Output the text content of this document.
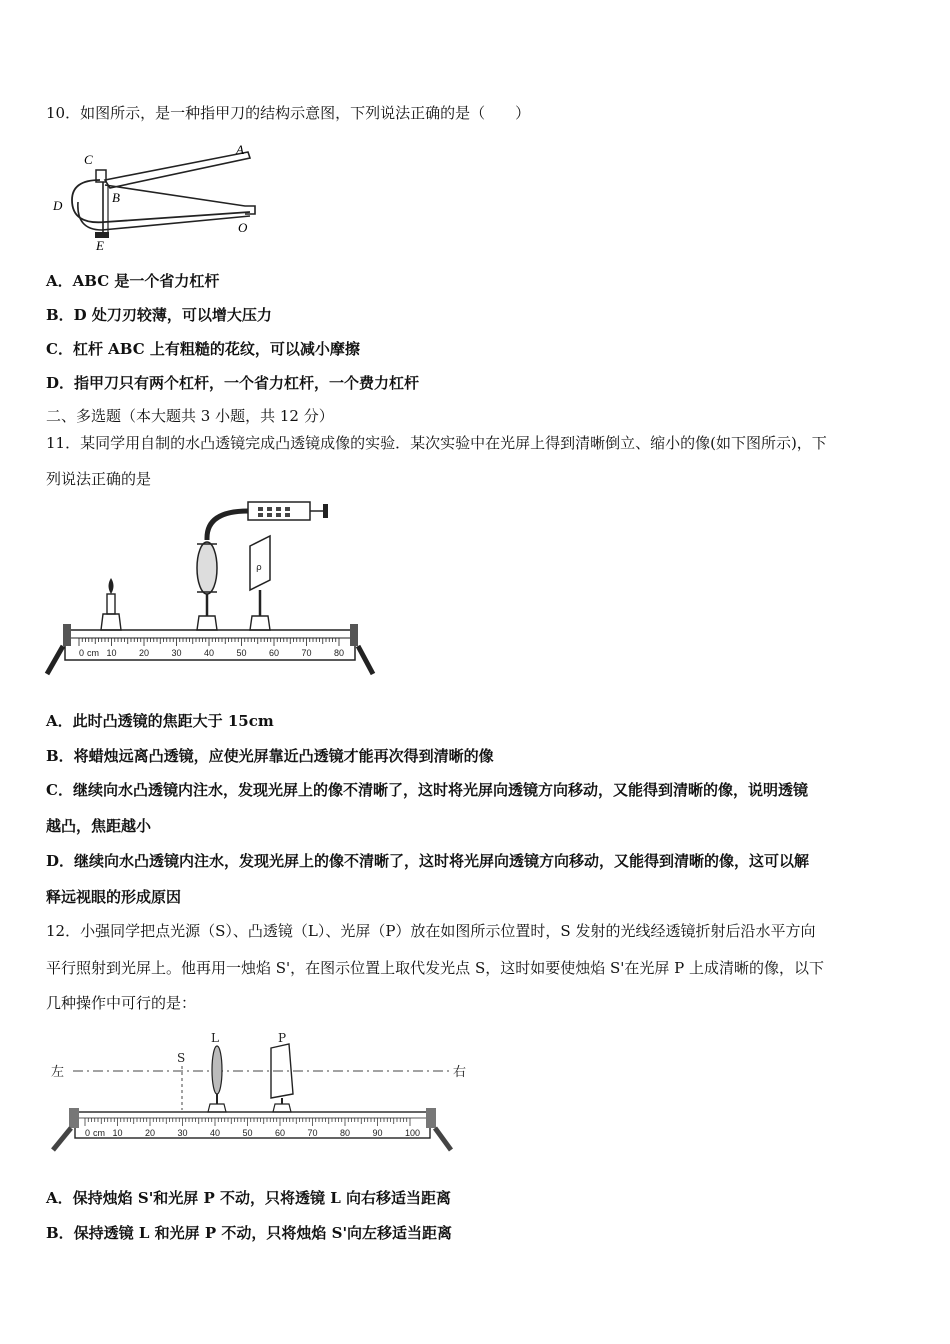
10．如图所示，是一种指甲刀的结构示意图，下列说法正确的是（　　）
C
A
D
B
O
E
A．ABC 是一个省力杠杆
B．D 处刀刃较薄，可以增大压力
C．杠杆 ABC 上有粗糙的花纹，可以减小摩擦
D．指甲刀只有两个杠杆，一个省力杠杆，一个费力杠杆
二、多选题（本大题共 3 小题，共 12 分）
11．某同学用自制的水凸透镜完成凸透镜成像的实验．某次实验中在光屏上得到清晰倒立、缩小的像(如下图所示)，下
列说法正确的是
ρ
0 10 20 30 40 50 60 70 80
cm
A．此时凸透镜的焦距大于 15cm
B．将蜡烛远离凸透镜，应使光屏靠近凸透镜才能再次得到清晰的像
C．继续向水凸透镜内注水，发现光屏上的像不清晰了，这时将光屏向透镜方向移动，又能得到清晰的像，说明透镜
越凸，焦距越小
D．继续向水凸透镜内注水，发现光屏上的像不清晰了，这时将光屏向透镜方向移动，又能得到清晰的像，这可以解
释远视眼的形成原因
12．小强同学把点光源（S）、凸透镜（L）、光屏（P）放在如图所示位置时，S 发射的光线经透镜折射后沿水平方向
平行照射到光屏上。他再用一烛焰 S'，在图示位置上取代发光点 S，这时如要使烛焰 S'在光屏 P 上成清晰的像，以下
几种操作中可行的是：
左	右
S
L	P
0 10 20 30 40 50 60 70 80 90 100
cm
A．保持烛焰 S'和光屏 P 不动，只将透镜 L 向右移适当距离
B．保持透镜 L 和光屏 P 不动，只将烛焰 S'向左移适当距离
